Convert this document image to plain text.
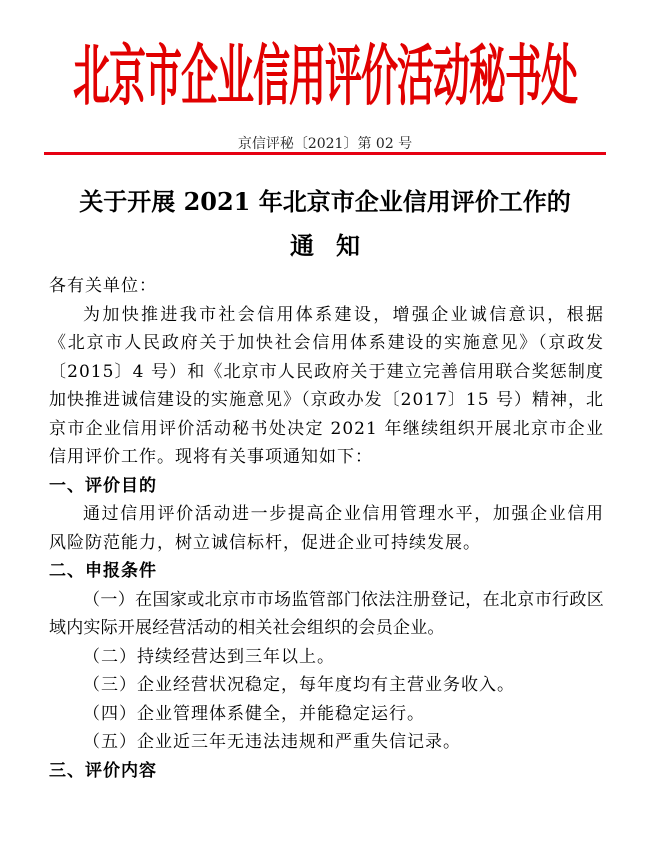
北京市企业信用评价活动秘书处
京信评秘〔2021〕第 02 号
关于开展 2021 年北京市企业信用评价工作的
通知

各有关单位：

为加快推进我市社会信用体系建设，增强企业诚信意识，根据《北京市人民政府关于加快社会信用体系建设的实施意见》（京政发〔2015〕4 号）和《北京市人民政府关于建立完善信用联合奖惩制度加快推进诚信建设的实施意见》（京政办发〔2017〕15 号）精神，北京市企业信用评价活动秘书处决定 2021 年继续组织开展北京市企业信用评价工作。现将有关事项通知如下：

一、评价目的

通过信用评价活动进一步提高企业信用管理水平，加强企业信用风险防范能力，树立诚信标杆，促进企业可持续发展。

二、申报条件

（一）在国家或北京市市场监管部门依法注册登记，在北京市行政区域内实际开展经营活动的相关社会组织的会员企业。

（二）持续经营达到三年以上。

（三）企业经营状况稳定，每年度均有主营业务收入。

（四）企业管理体系健全，并能稳定运行。

（五）企业近三年无违法违规和严重失信记录。

三、评价内容
